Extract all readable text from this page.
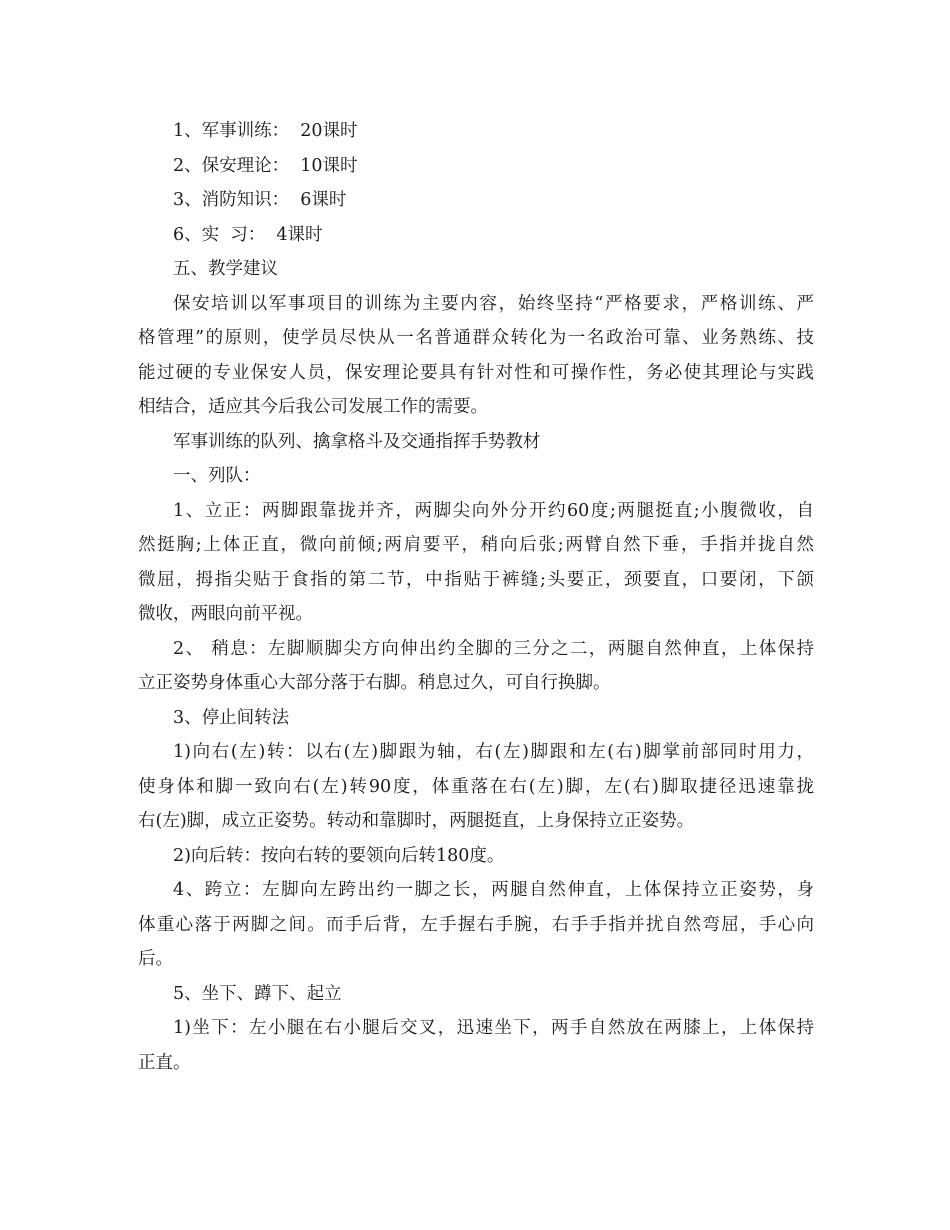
1、军事训练：  20课时
2、保安理论：  10课时
3、消防知识：  6课时
6、实  习：  4课时
五、教学建议
保安培训以军事项目的训练为主要内容，始终坚持“严格要求，严格训练、严
格管理”的原则，使学员尽快从一名普通群众转化为一名政治可靠、业务熟练、技
能过硬的专业保安人员，保安理论要具有针对性和可操作性，务必使其理论与实践
相结合，适应其今后我公司发展工作的需要。
军事训练的队列、擒拿格斗及交通指挥手势教材
一、列队：
1、立正：两脚跟靠拢并齐，两脚尖向外分开约60度;两腿挺直;小腹微收，自
然挺胸;上体正直，微向前倾;两肩要平，稍向后张;两臂自然下垂，手指并拢自然
微屈，拇指尖贴于食指的第二节，中指贴于裤缝;头要正，颈要直，口要闭，下颌
微收，两眼向前平视。
2、 稍息：左脚顺脚尖方向伸出约全脚的三分之二，两腿自然伸直，上体保持
立正姿势身体重心大部分落于右脚。稍息过久，可自行换脚。
3、停止间转法
1)向右(左)转：以右(左)脚跟为轴，右(左)脚跟和左(右)脚掌前部同时用力，
使身体和脚一致向右(左)转90度，体重落在右(左)脚，左(右)脚取捷径迅速靠拢
右(左)脚，成立正姿势。转动和靠脚时，两腿挺直，上身保持立正姿势。
2)向后转：按向右转的要领向后转180度。
4、跨立：左脚向左跨出约一脚之长，两腿自然伸直，上体保持立正姿势，身
体重心落于两脚之间。而手后背，左手握右手腕，右手手指并扰自然弯屈，手心向
后。
5、坐下、蹲下、起立
1)坐下：左小腿在右小腿后交叉，迅速坐下，两手自然放在两膝上，上体保持
正直。
